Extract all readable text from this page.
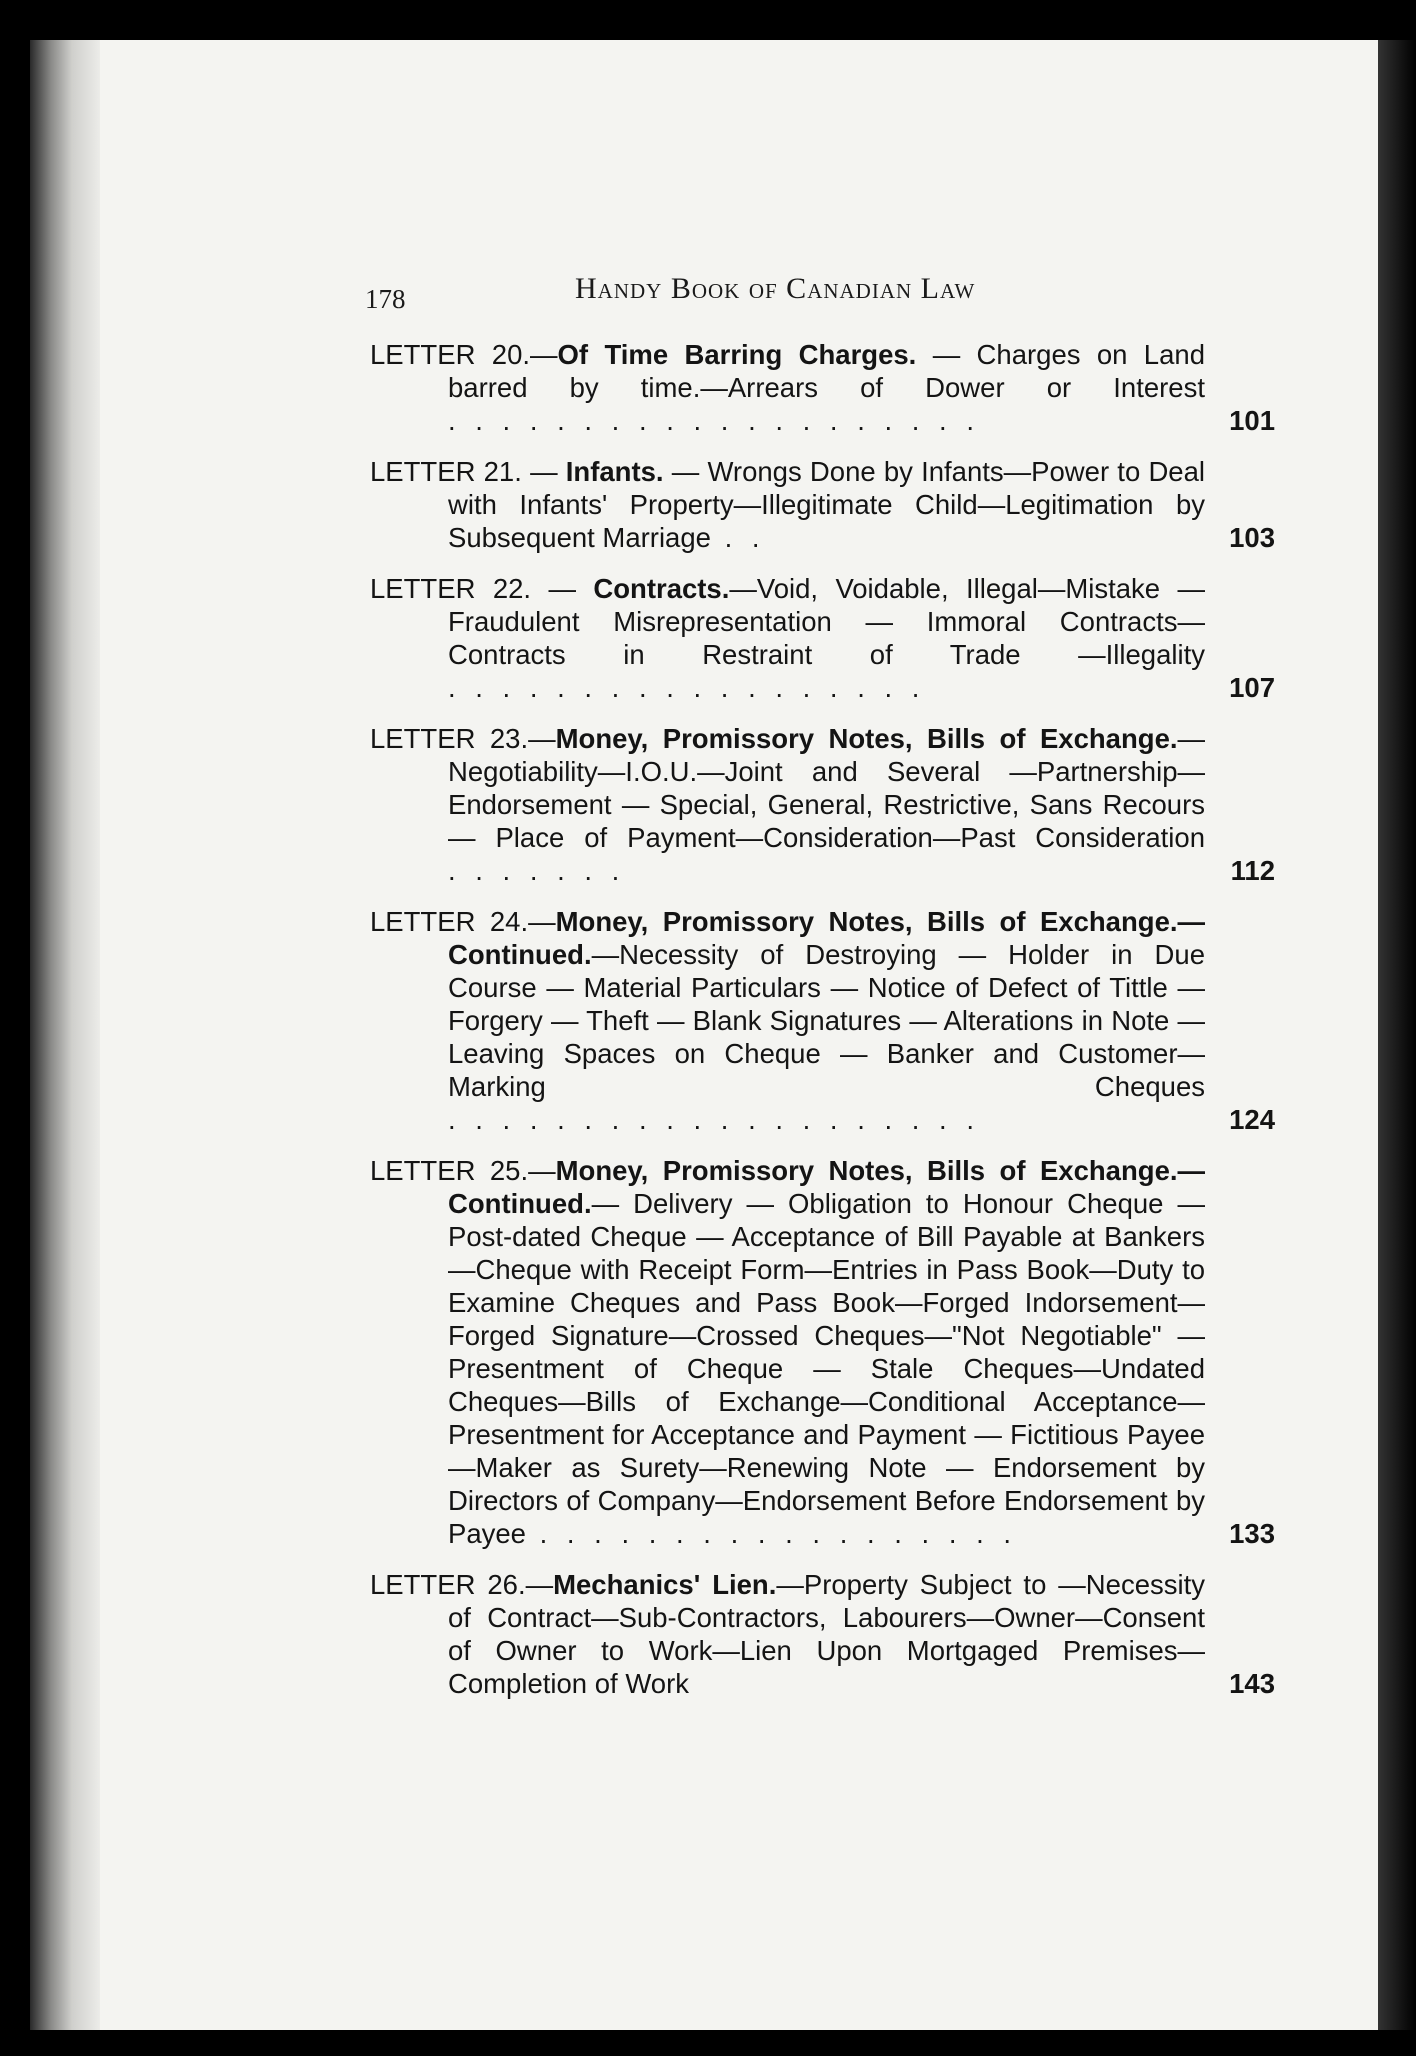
178	Handy Book of Canadian Law
LETTER 20.—Of Time Barring Charges. — Charges on Land barred by time.—Arrears of Dower or Interest . . . . . . . . . . . . . . . . . . . .	101
LETTER 21. — Infants. — Wrongs Done by Infants—Power to Deal with Infants' Property—Illegitimate Child—Legitimation by Subsequent Marriage . .	103
LETTER 22. — Contracts.—Void, Voidable, Illegal—Mistake — Fraudulent Misrepresentation — Immoral Contracts—Contracts in Restraint of Trade —Illegality . . . . . . . . . . . . . . . . . .	107
LETTER 23.—Money, Promissory Notes, Bills of Exchange.—Negotiability—I.O.U.—Joint and Several —Partnership—Endorsement — Special, General, Restrictive, Sans Recours — Place of Payment—Consideration—Past Consideration . . . . . . .	112
LETTER 24.—Money, Promissory Notes, Bills of Exchange.—Continued.—Necessity of Destroying — Holder in Due Course — Material Particulars — Notice of Defect of Tittle — Forgery — Theft — Blank Signatures — Alterations in Note — Leaving Spaces on Cheque — Banker and Customer—Marking Cheques . . . . . . . . . . . . . . . . . . . .	124
LETTER 25.—Money, Promissory Notes, Bills of Exchange.—Continued.— Delivery — Obligation to Honour Cheque — Post-dated Cheque — Acceptance of Bill Payable at Bankers—Cheque with Receipt Form—Entries in Pass Book—Duty to Examine Cheques and Pass Book—Forged Indorsement—Forged Signature—Crossed Cheques—"Not Negotiable" — Presentment of Cheque — Stale Cheques—Undated Cheques—Bills of Exchange—Conditional Acceptance—Presentment for Acceptance and Payment — Fictitious Payee—Maker as Surety—Renewing Note — Endorsement by Directors of Company—Endorsement Before Endorsement by Payee . . . . . . . . . . . . . . . . . .	133
LETTER 26.—Mechanics' Lien.—Property Subject to —Necessity of Contract—Sub-Contractors, Labourers—Owner—Consent of Owner to Work—Lien Upon Mortgaged Premises—Completion of Work	143
